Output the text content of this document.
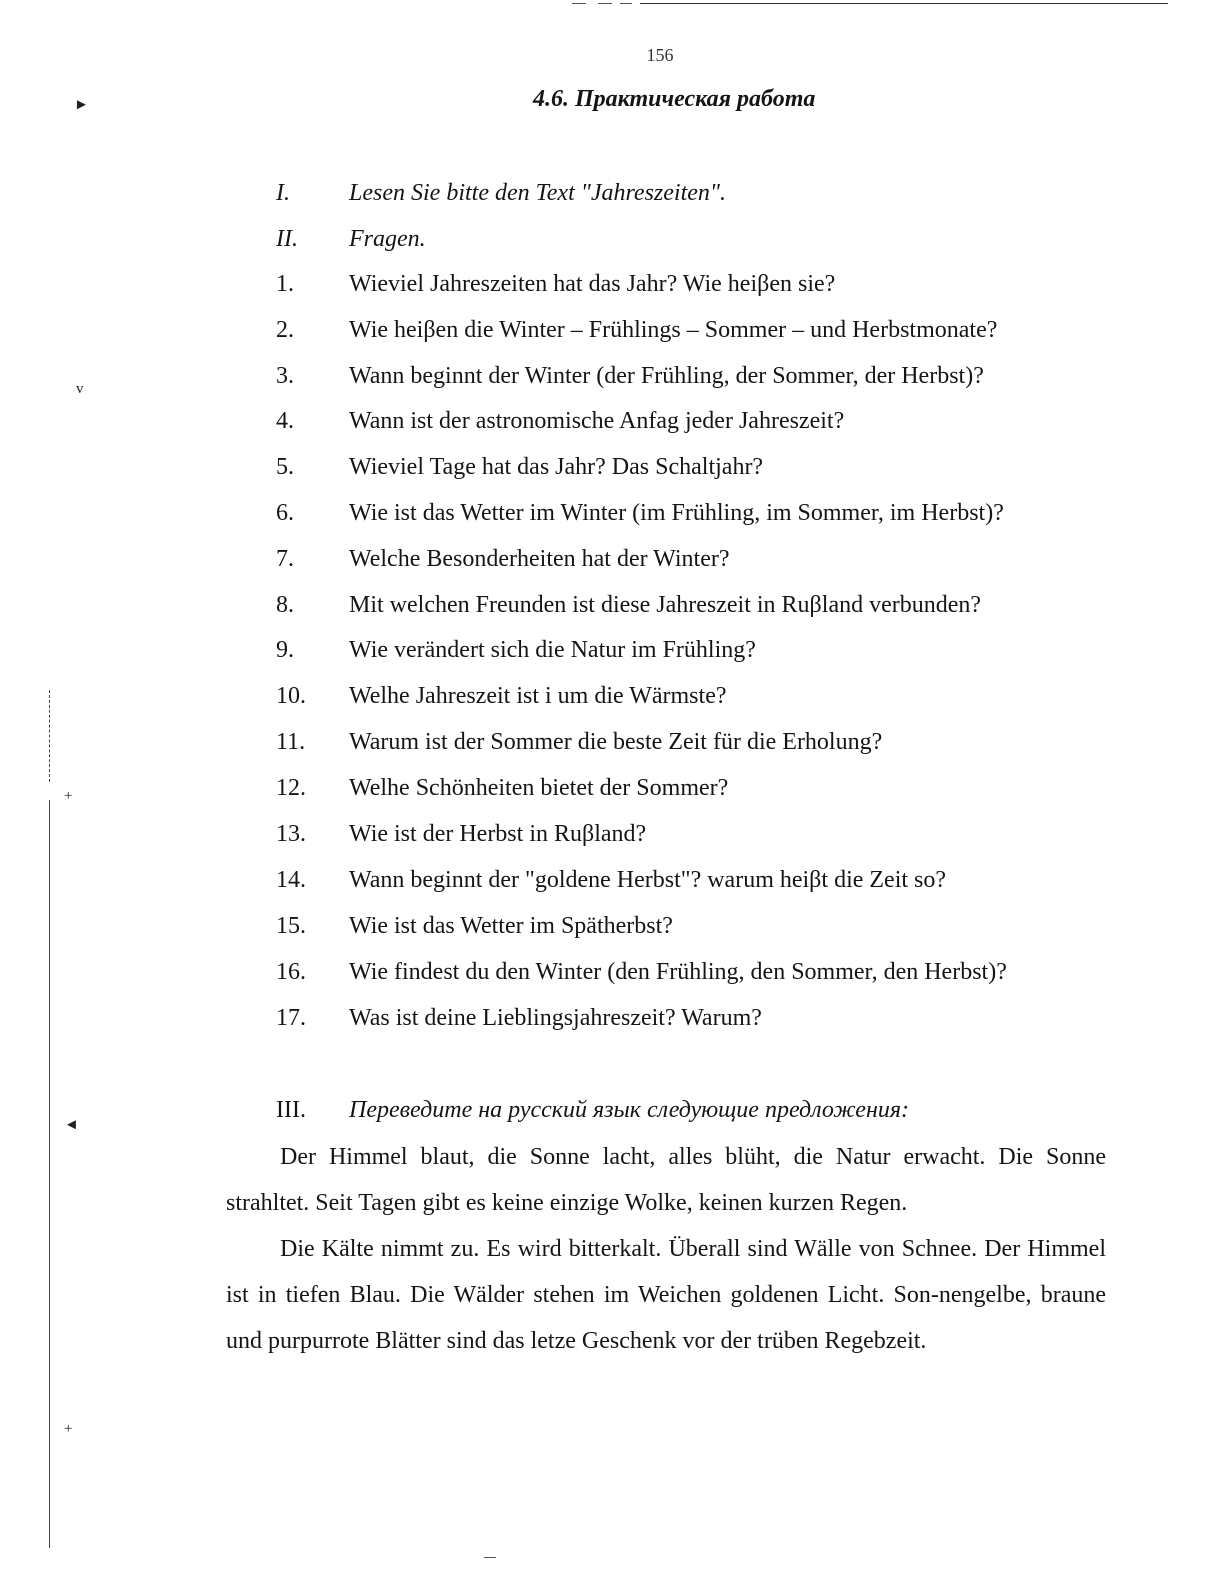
156
4.6. Практическая работа
I. Lesen Sie bitte den Text "Jahreszeiten".
II. Fragen.
1. Wieviel Jahreszeiten hat das Jahr? Wie heiβen sie?
2. Wie heiβen die Winter – Frühlings – Sommer – und Herbstmonate?
3. Wann beginnt der Winter (der Frühling, der Sommer, der Herbst)?
4. Wann ist der astronomische Anfag jeder Jahreszeit?
5. Wieviel Tage hat das Jahr? Das Schaltjahr?
6. Wie ist das Wetter im Winter (im Frühling, im Sommer, im Herbst)?
7. Welche Besonderheiten hat der Winter?
8. Mit welchen Freunden ist diese Jahreszeit in Ruβland verbunden?
9. Wie verändert sich die Natur im Frühling?
10. Welhe Jahreszeit ist i um die Wärmste?
11. Warum ist der Sommer die beste Zeit für die Erholung?
12. Welhe Schönheiten bietet der Sommer?
13. Wie ist der Herbst in Ruβland?
14. Wann beginnt der "goldene Herbst"? warum heiβt die Zeit so?
15. Wie ist das Wetter im Spätherbst?
16. Wie findest du den Winter (den Frühling, den Sommer, den Herbst)?
17. Was ist deine Lieblingsjahreszeit? Warum?
III. Переведите на русский язык следующие предложения:

Der Himmel blaut, die Sonne lacht, alles blüht, die Natur erwacht. Die Sonne strahltet. Seit Tagen gibt es keine einzige Wolke, keinen kurzen Regen.

Die Kälte nimmt zu. Es wird bitterkalt. Überall sind Wälle von Schnee. Der Himmel ist in tiefen Blau. Die Wälder stehen im Weichen goldenen Licht. Son-nengelbe, braune und purpurrote Blätter sind das letze Geschenk vor der trüben Regebzeit.

►
v
+
◄
+
